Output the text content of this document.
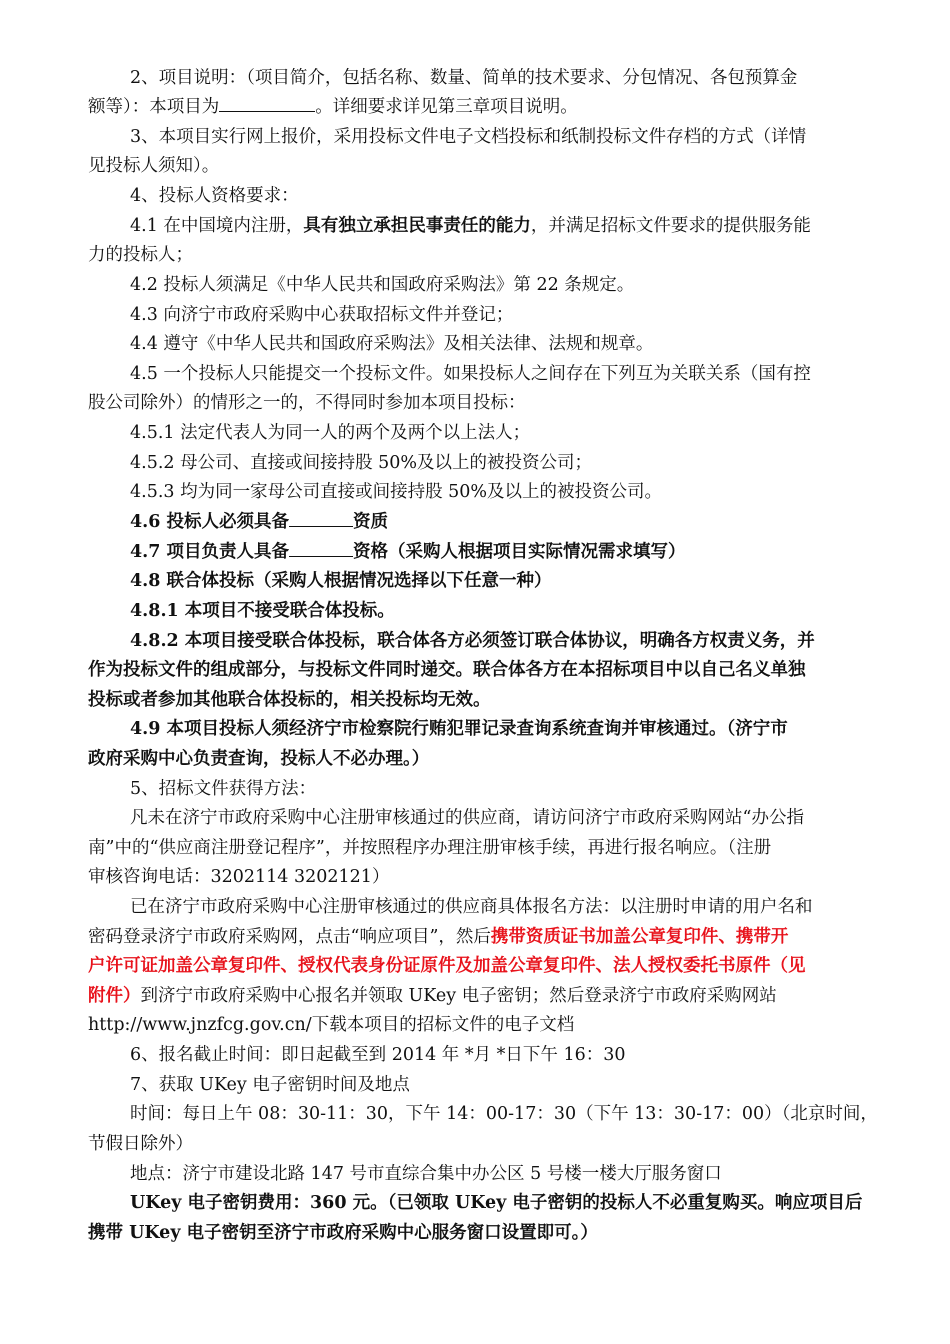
2、项目说明：（项目简介，包括名称、数量、简单的技术要求、分包情况、各包预算金
额等）：本项目为	。详细要求详见第三章项目说明。
3、本项目实行网上报价，采用投标文件电子文档投标和纸制投标文件存档的方式（详情
见投标人须知）。
4、投标人资格要求：
4.1 在中国境内注册，具有独立承担民事责任的能力，并满足招标文件要求的提供服务能
力的投标人；
4.2 投标人须满足《中华人民共和国政府采购法》第 22 条规定。
4.3 向济宁市政府采购中心获取招标文件并登记；
4.4 遵守《中华人民共和国政府采购法》及相关法律、法规和规章。
4.5 一个投标人只能提交一个投标文件。如果投标人之间存在下列互为关联关系（国有控
股公司除外）的情形之一的，不得同时参加本项目投标：
4.5.1 法定代表人为同一人的两个及两个以上法人；
4.5.2 母公司、直接或间接持股 50%及以上的被投资公司；
4.5.3 均为同一家母公司直接或间接持股 50%及以上的被投资公司。
4.6 投标人必须具备	资质
4.7 项目负责人具备	资格（采购人根据项目实际情况需求填写）
4.8 联合体投标（采购人根据情况选择以下任意一种）
4.8.1 本项目不接受联合体投标。
4.8.2 本项目接受联合体投标，联合体各方必须签订联合体协议，明确各方权责义务，并
作为投标文件的组成部分，与投标文件同时递交。联合体各方在本招标项目中以自己名义单独
投标或者参加其他联合体投标的，相关投标均无效。
4.9 本项目投标人须经济宁市检察院行贿犯罪记录查询系统查询并审核通过。（济宁市
政府采购中心负责查询，投标人不必办理。）
5、招标文件获得方法：
凡未在济宁市政府采购中心注册审核通过的供应商，请访问济宁市政府采购网站“办公指
南”中的“供应商注册登记程序”，并按照程序办理注册审核手续，再进行报名响应。（注册
审核咨询电话：3202114 3202121）
已在济宁市政府采购中心注册审核通过的供应商具体报名方法：以注册时申请的用户名和
密码登录济宁市政府采购网，点击“响应项目”，然后携带资质证书加盖公章复印件、携带开
户许可证加盖公章复印件、授权代表身份证原件及加盖公章复印件、法人授权委托书原件（见
附件）到济宁市政府采购中心报名并领取 UKey 电子密钥；然后登录济宁市政府采购网站
http://www.jnzfcg.gov.cn/下载本项目的招标文件的电子文档
6、报名截止时间：即日起截至到 2014 年 *月 *日下午 16：30
7、获取 UKey 电子密钥时间及地点
时间：每日上午 08：30-11：30，下午 14：00-17：30（下午 13：30-17：00）（北京时间，
节假日除外）
地点：济宁市建设北路 147 号市直综合集中办公区 5 号楼一楼大厅服务窗口
UKey 电子密钥费用：360 元。（已领取 UKey 电子密钥的投标人不必重复购买。响应项目后
携带 UKey 电子密钥至济宁市政府采购中心服务窗口设置即可。）
